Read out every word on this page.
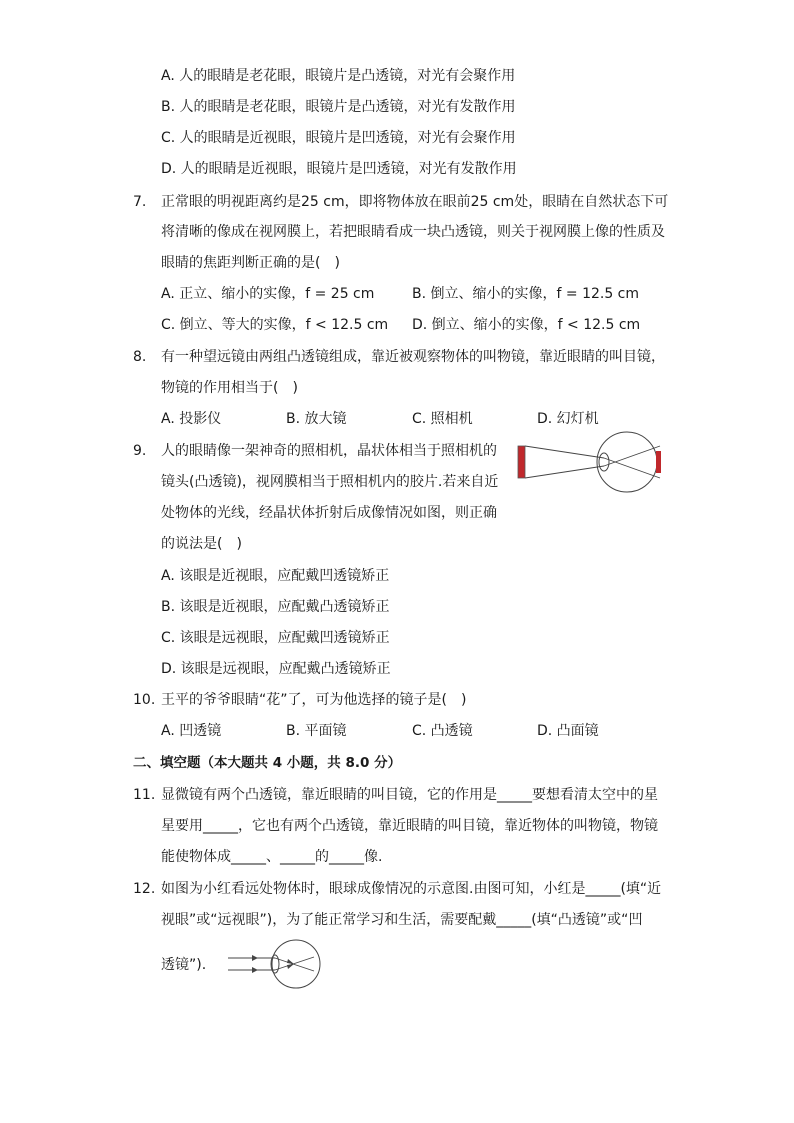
A. 人的眼睛是老花眼，眼镜片是凸透镜，对光有会聚作用
B. 人的眼睛是老花眼，眼镜片是凸透镜，对光有发散作用
C. 人的眼睛是近视眼，眼镜片是凹透镜，对光有会聚作用
D. 人的眼睛是近视眼，眼镜片是凹透镜，对光有发散作用
7. 正常眼的明视距离约是25 cm，即将物体放在眼前25 cm处，眼睛在自然状态下可
将清晰的像成在视网膜上，若把眼睛看成一块凸透镜，则关于视网膜上像的性质及
眼睛的焦距判断正确的是(　)
A. 正立、缩小的实像，f = 25 cm	B. 倒立、缩小的实像，f = 12.5 cm
C. 倒立、等大的实像，f < 12.5 cm D. 倒立、缩小的实像，f < 12.5 cm
8. 有一种望远镜由两组凸透镜组成，靠近被观察物体的叫物镜，靠近眼睛的叫目镜，
物镜的作用相当于(　)
A. 投影仪	B. 放大镜	C. 照相机	D. 幻灯机
9. 人的眼睛像一架神奇的照相机，晶状体相当于照相机的
镜头(凸透镜)，视网膜相当于照相机内的胶片.若来自近
处物体的光线，经晶状体折射后成像情况如图，则正确
的说法是(　)
A. 该眼是近视眼，应配戴凹透镜矫正
B. 该眼是近视眼，应配戴凸透镜矫正
C. 该眼是远视眼，应配戴凹透镜矫正
D. 该眼是远视眼，应配戴凸透镜矫正
10. 王平的爷爷眼睛“花”了，可为他选择的镜子是(　)
A. 凹透镜	B. 平面镜	C. 凸透镜	D. 凸面镜
二、填空题（本大题共 4 小题，共 8.0 分）
11. 显微镜有两个凸透镜，靠近眼睛的叫目镜，它的作用是_____要想看清太空中的星
星要用_____，它也有两个凸透镜，靠近眼睛的叫目镜，靠近物体的叫物镜，物镜
能使物体成_____、_____的_____像.
12. 如图为小红看远处物体时，眼球成像情况的示意图.由图可知，小红是_____(填“近
视眼”或“远视眼”)，为了能正常学习和生活，需要配戴_____(填“凸透镜”或“凹
透镜”).
